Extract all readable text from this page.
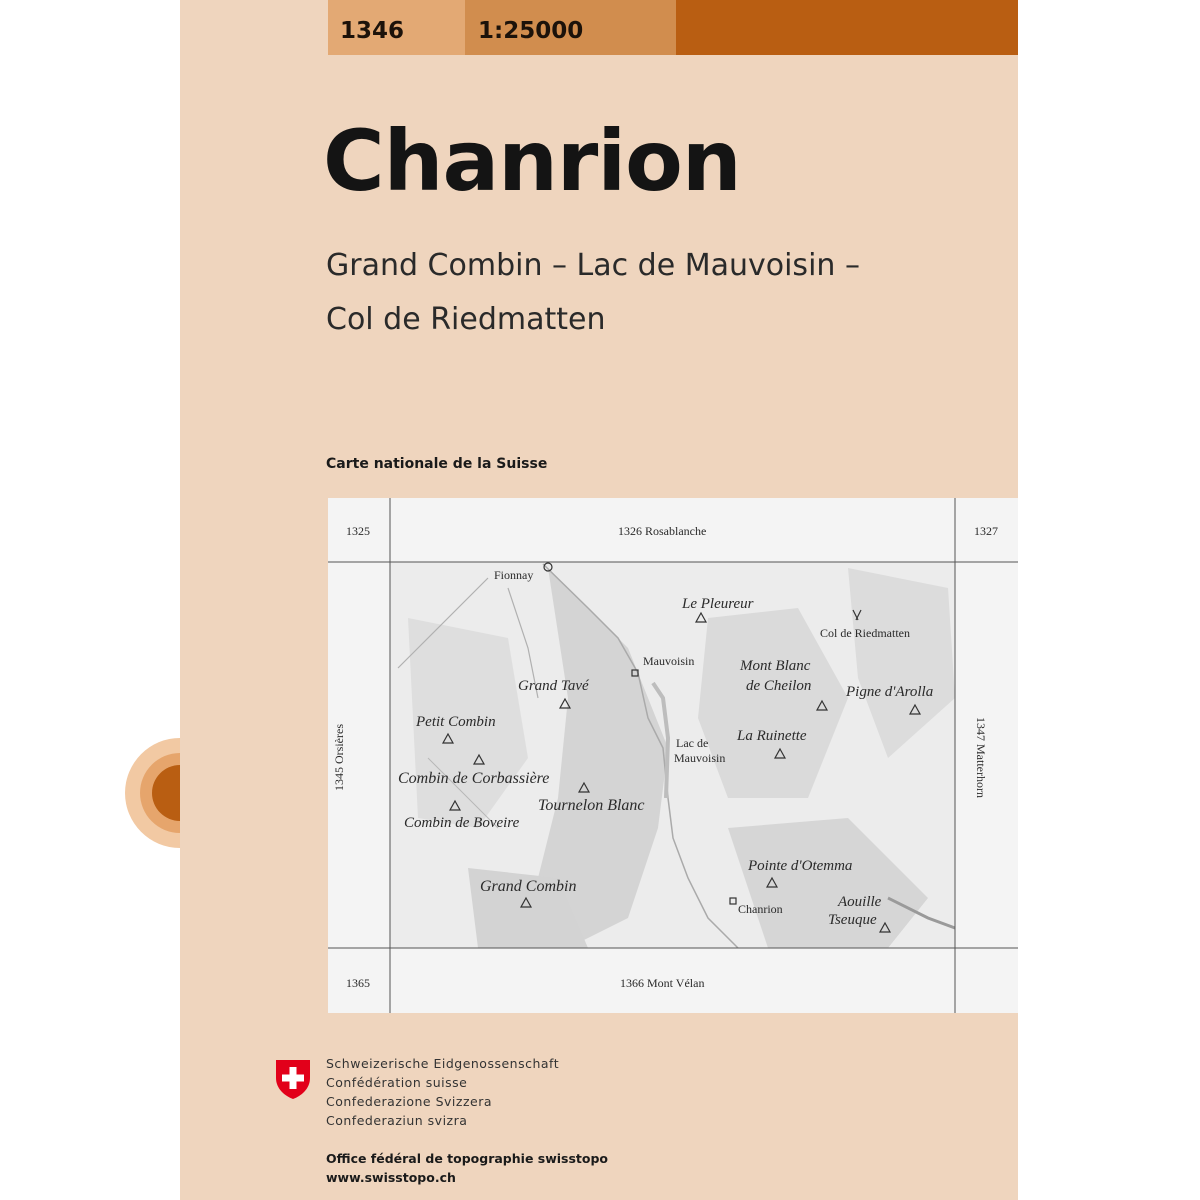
1346	1:25000
Chanrion
Grand Combin – Lac de Mauvoisin –
Col de Riedmatten
Carte nationale de la Suisse
1325	1326 Rosablanche	1327
1345 Orsières	1347 Matterhorn
1365	1366 Mont Vélan
Fionnay
Le Pleureur
Col de Riedmatten
Mauvoisin	Mont Blanc
de Cheilon
Grand Tavé	Pigne d'Arolla
Petit Combin
Lac de
Mauvoisin
La Ruinette
Combin de Corbassière
Tournelon Blanc
Combin de Boveire
Pointe d'Otemma
Grand Combin
Chanrion	Aouille
Tseuque
Schweizerische Eidgenossenschaft
Confédération suisse
Confederazione Svizzera
Confederaziun svizra
Office fédéral de topographie swisstopo
www.swisstopo.ch
